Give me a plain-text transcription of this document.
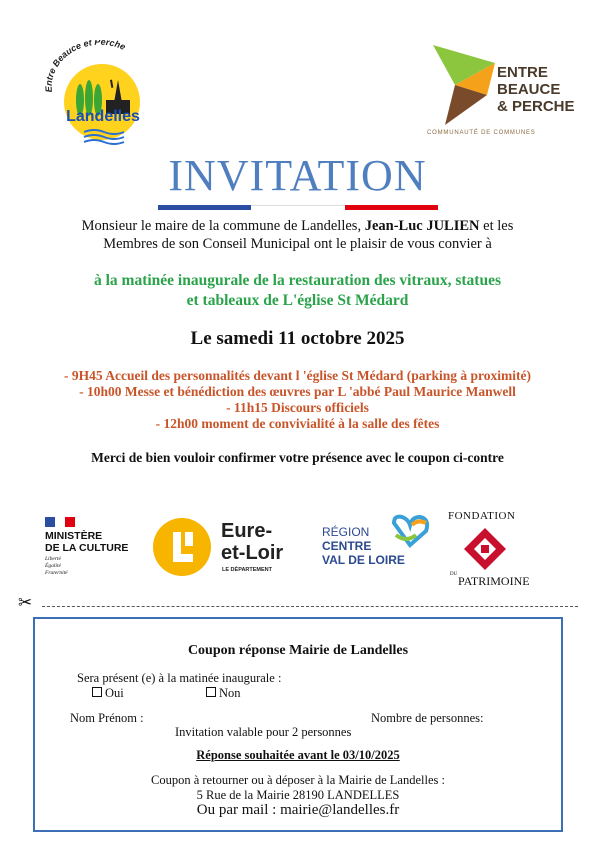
Entre Beauce et Perche
Landelles
ENTRE
BEAUCE
& PERCHE
COMMUNAUTÉ DE COMMUNES
INVITATION
Monsieur le maire de la commune de Landelles, Jean-Luc JULIEN et les
Membres de son Conseil Municipal ont le plaisir de vous convier à
à la matinée inaugurale de la restauration des vitraux, statues
et tableaux de L'église St Médard
Le samedi 11 octobre 2025
- 9H45 Accueil des personnalités devant l 'église St Médard (parking à proximité)
- 10h00 Messe et bénédiction des œuvres par L 'abbé Paul Maurice Manwell
- 11h15 Discours officiels
- 12h00 moment de convivialité à la salle des fêtes
Merci de bien vouloir confirmer votre présence avec le coupon ci-contre
MINISTÈRE
DE LA CULTURE
Liberté
Égalité
Fraternité
Eure-
et-Loir
LE DÉPARTEMENT
RÉGION
CENTRE
VAL DE LOIRE
FONDATION
DU PATRIMOINE
✂
Coupon réponse Mairie de Landelles
Sera présent (e) à la matinée inaugurale :
Oui	Non
Nom Prénom :	Nombre de personnes:
Invitation valable pour 2 personnes
Réponse souhaitée avant le 03/10/2025
Coupon à retourner ou à déposer à la Mairie de Landelles :
5 Rue de la Mairie 28190 LANDELLES
Ou par mail : mairie@landelles.fr
